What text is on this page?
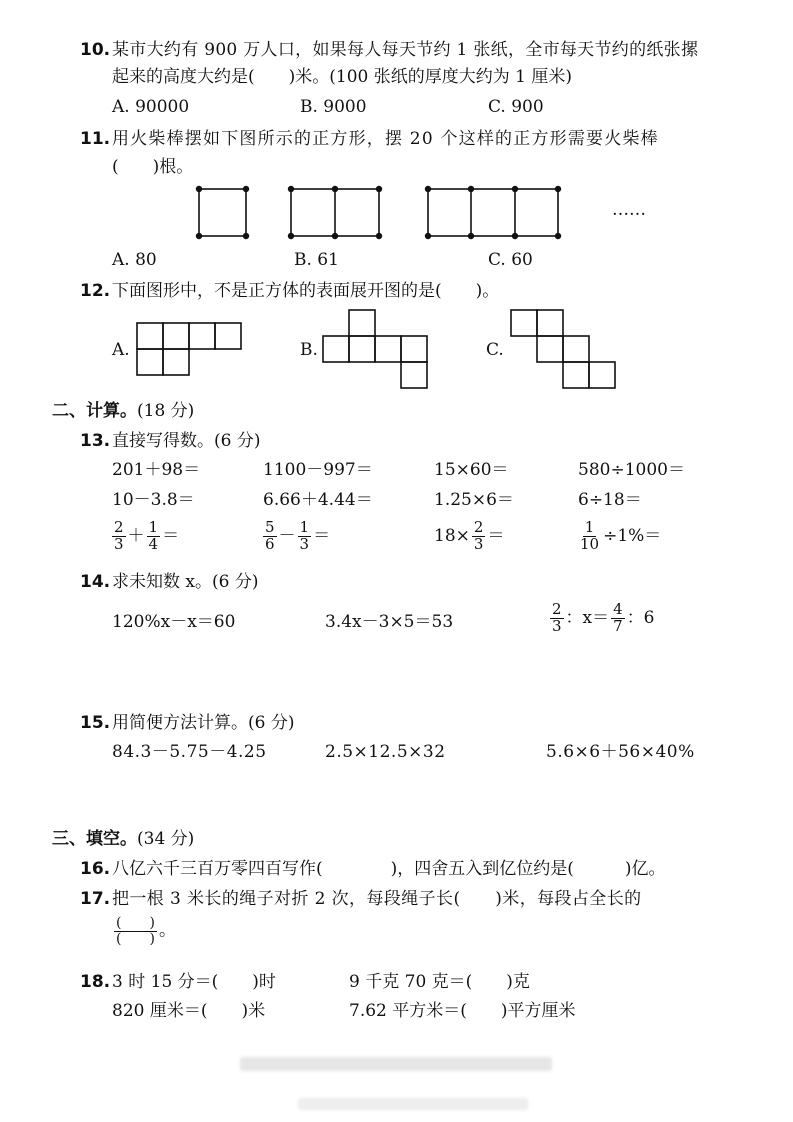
10. 某市大约有 900 万人口，如果每人每天节约 1 张纸，全市每天节约的纸张摞
起来的高度大约是(　　)米。(100 张纸的厚度大约为 1 厘米)
A. 90000	B. 9000	C. 900
11. 用火柴棒摆如下图所示的正方形，摆 20 个这样的正方形需要火柴棒
(　　)根。
……
A. 80	B. 61	C. 60
12. 下面图形中，不是正方体的表面展开图的是(　　)。
A.	B.	C.
二、计算。(18 分)
13. 直接写得数。(6 分)
201＋98＝	1100－997＝	15×60＝	580÷1000＝
10－3.8＝	6.66＋4.44＝	1.25×6＝	6÷18＝
$\frac{2}{3} + \frac{1}{4}$ ＝	$\frac{5}{6} - \frac{1}{3}$ ＝	$18\times \frac{2}{3}$ ＝	$\frac{1}{10} \div 1\%=$
14. 求未知数 x。(6 分)
120%x－x＝60	3.4x－3×5＝53	$\frac{2}{3}$ ：$x= \frac{4}{7}$ ：6
15. 用简便方法计算。(6 分)
84.3－5.75－4.25	2.5×12.5×32	5.6×6＋56×40%
三、填空。(34 分)
16. 八亿六千三百万零四百写作(　　　　)，四舍五入到亿位约是(　　　)亿。
17. 把一根 3 米长的绳子对折 2 次，每段绳子长(　　)米，每段占全长的
$\frac{( )}{( )}$ 。
18. 3 时 15 分＝(　　)时	9 千克 70 克＝(　　)克
820 厘米＝(　　)米	7.62 平方米＝(　　)平方厘米
